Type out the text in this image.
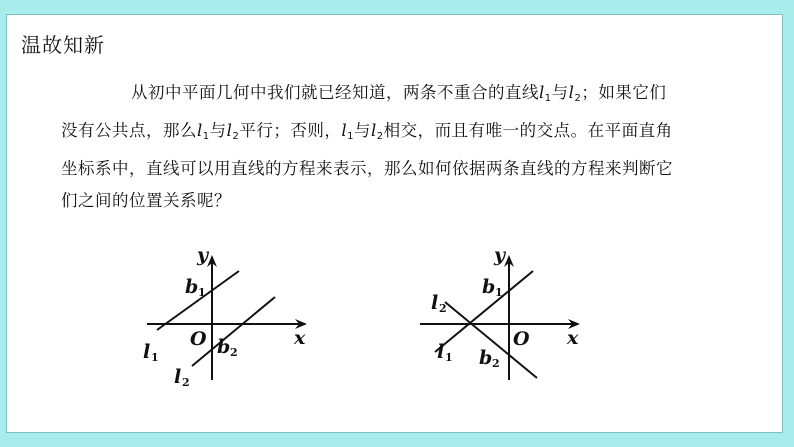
温故知新
从初中平面几何中我们就已经知道，两条不重合的直线$l_1$与$l_2$；如果它们没有公共点，那么$l_1$与$l_2$平行；否则，$l_1$与$l_2$相交，而且有唯一的交点。在平面直角坐标系中，直线可以用直线的方程来表示，那么如何依据两条直线的方程来判断它们之间的位置关系呢？
y
x
O
b 1
b 2
l 1
l 2
y
x
O
b 1
b 2
l 2
l 1
